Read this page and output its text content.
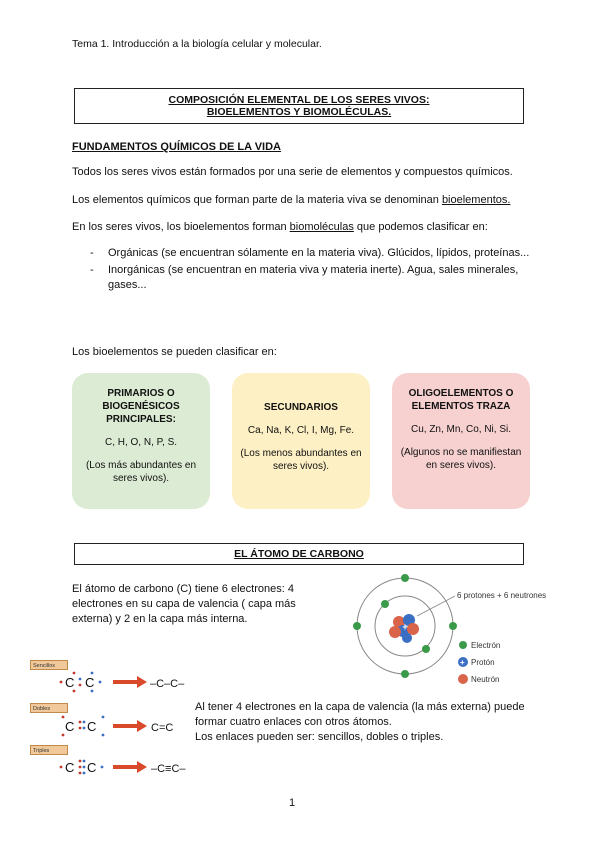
Tema 1. Introducción a la biología celular y molecular.
COMPOSICIÓN ELEMENTAL DE LOS SERES VIVOS:
BIOELEMENTOS Y BIOMOLÉCULAS.
FUNDAMENTOS QUÍMICOS DE LA VIDA

Todos los seres vivos están formados por una serie de elementos y compuestos químicos.

Los elementos químicos que forman parte de la materia viva se denominan bioelementos.

En los seres vivos, los bioelementos forman biomoléculas que podemos clasificar en:

- Orgánicas (se encuentran sólamente en la materia viva). Glúcidos, lípidos, proteínas...
- Inorgánicas (se encuentran en materia viva y materia inerte). Agua, sales minerales, gases...

Los bioelementos se pueden clasificar en:

PRIMARIOS O BIOGENÉSICOS PRINCIPALES:
C, H, O, N, P, S.
(Los más abundantes en seres vivos).
SECUNDARIOS
Ca, Na, K, Cl, I, Mg, Fe.
(Los menos abundantes en seres vivos).
OLIGOELEMENTOS O ELEMENTOS TRAZA
Cu, Zn, Mn, Co, Ni, Si.
(Algunos no se manifiestan en seres vivos).
EL ÁTOMO DE CARBONO

El átomo de carbono (C) tiene 6 electrones: 4 electrones en su capa de valencia ( capa más externa) y 2 en la capa más interna.

+
6 protones + 6 neutrones
Electrón
+ Protón
Neutrón
Sencillos
C C	–C–C–
Dobles
C C	C=C
Triples
C C	–C≡C–

Al tener 4 electrones en la capa de valencia (la más externa) puede formar cuatro enlaces con otros átomos.

Los enlaces pueden ser: sencillos, dobles o triples.

1
